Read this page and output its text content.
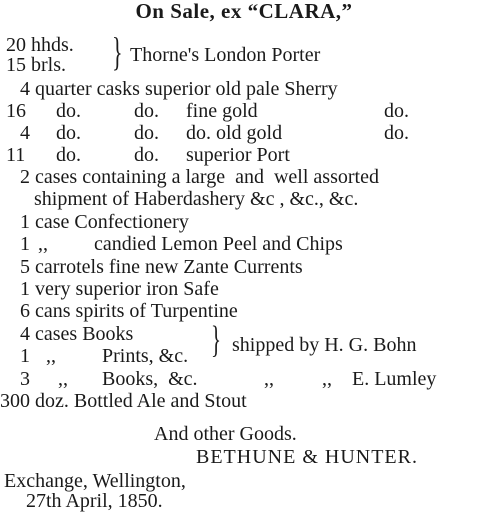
On Sale, ex “CLARA,”
20 hhds.
15 brls. } Thorne's London Porter
4 quarter casks superior old pale Sherry
16 do.	do. fine gold	do.
4 do.	do. do. old gold	do.
11 do.	do. superior Port
2 cases containing a large  and  well assorted
shipment of Haberdashery &c , &c., &c.
1 case Confectionery
1 ,, candied Lemon Peel and Chips
5 carrotels fine new Zante Currents
1 very superior iron Safe
6 cans spirits of Turpentine
4 cases Books
1 ,, Prints, &c. } shipped by H. G. Bohn
3 ,, Books,  &c.	,, ,, E. Lumley
300 doz. Bottled Ale and Stout
And other Goods.
BETHUNE & HUNTER.
Exchange, Wellington,
27th April, 1850.
